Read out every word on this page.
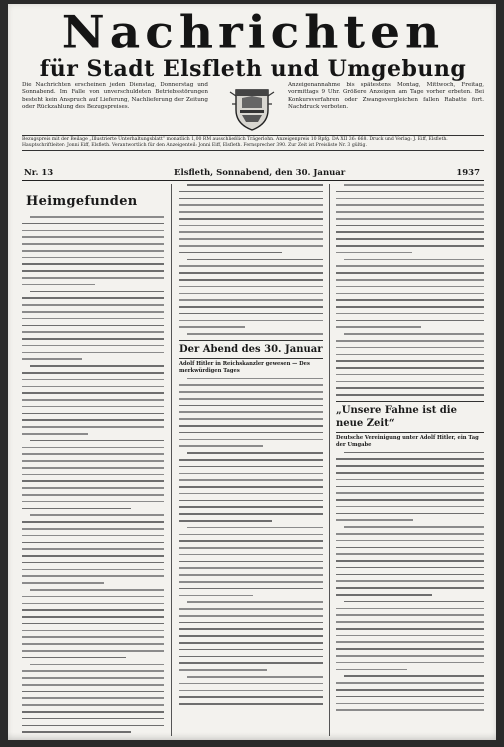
Nachrichten
für Stadt Elsfleth und Umgebung
Die Nachrichten erscheinen jeden Dienstag, Donnerstag und Sonnabend. Im Falle von unverschuldeten Betriebsstörungen besteht kein Anspruch auf Lieferung, Nachlieferung der Zeitung oder Rückzahlung des Bezugspreises.
Anzeigenannahme bis spätestens Montag, Mittwoch, Freitag, vormittags 9 Uhr. Größere Anzeigen am Tage vorher erbeten. Bei Konkursverfahren oder Zwangsvergleichen fallen Rabatte fort. Nachdruck verboten.
Bezugspreis mit der Beilage „Illustrierte Unterhaltungsblatt“ monatlich 1,00 RM ausschließlich Trägerlohn. Anzeigenpreis 10 Rpfg. DA XII 36: 668. Druck und Verlag: J. Eiff, Elsfleth. Hauptschriftleiter: Jonni Eiff, Elsfleth. Verantwortlich für den Anzeigenteil: Jonni Eiff, Elsfleth. Fernsprecher 390. Zur Zeit ist Preisliste Nr. 3 gültig.
Nr. 13	Elsfleth, Sonnabend, den 30. Januar	1937
Heimgefunden
Der Abend des 30. Januar
Adolf Hitler in Reichskanzler gewesen — Des merkwürdigen Tages
„Unsere Fahne ist die neue Zeit“
Deutsche Vereinigung unter Adolf Hitler, ein Tag der Umgabe
